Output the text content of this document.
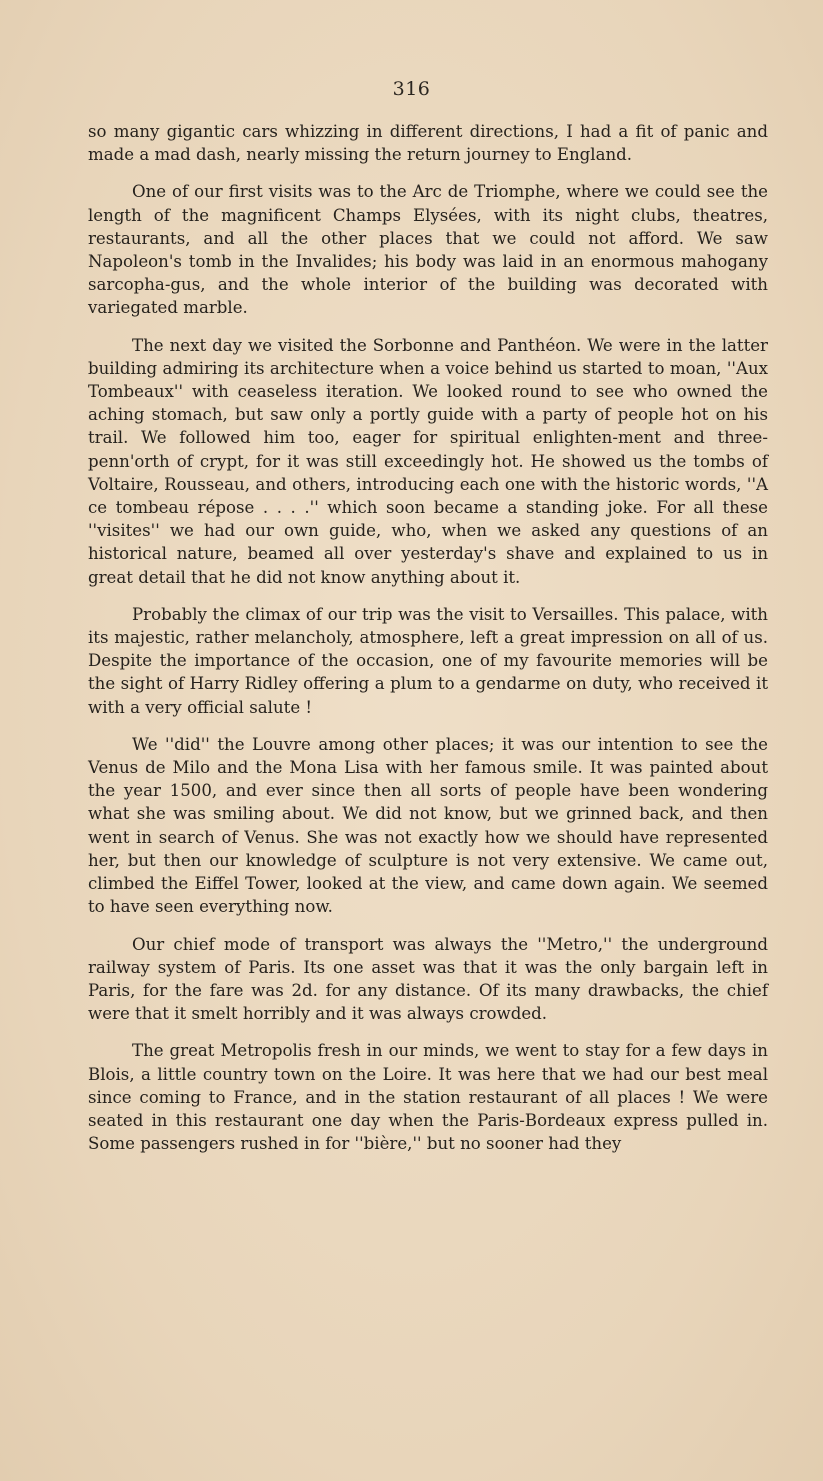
316

so many gigantic cars whizzing in different directions, I had a fit of panic and made a mad dash, nearly missing the return journey to England.

One of our first visits was to the Arc de Triomphe, where we could see the length of the magnificent Champs Elysées, with its night clubs, theatres, restaurants, and all the other places that we could not afford. We saw Napoleon's tomb in the Invalides; his body was laid in an enormous mahogany sarcopha-gus, and the whole interior of the building was decorated with variegated marble.

The next day we visited the Sorbonne and Panthéon. We were in the latter building admiring its architecture when a voice behind us started to moan, ''Aux Tombeaux'' with ceaseless iteration. We looked round to see who owned the aching stomach, but saw only a portly guide with a party of people hot on his trail. We followed him too, eager for spiritual enlighten-ment and three-penn'orth of crypt, for it was still exceedingly hot. He showed us the tombs of Voltaire, Rousseau, and others, introducing each one with the historic words, ''A ce tombeau répose . . . .'' which soon became a standing joke. For all these ''visites'' we had our own guide, who, when we asked any questions of an historical nature, beamed all over yesterday's shave and explained to us in great detail that he did not know anything about it.

Probably the climax of our trip was the visit to Versailles. This palace, with its majestic, rather melancholy, atmosphere, left a great impression on all of us. Despite the importance of the occasion, one of my favourite memories will be the sight of Harry Ridley offering a plum to a gendarme on duty, who received it with a very official salute !

We ''did'' the Louvre among other places; it was our intention to see the Venus de Milo and the Mona Lisa with her famous smile. It was painted about the year 1500, and ever since then all sorts of people have been wondering what she was smiling about. We did not know, but we grinned back, and then went in search of Venus. She was not exactly how we should have represented her, but then our knowledge of sculpture is not very extensive. We came out, climbed the Eiffel Tower, looked at the view, and came down again. We seemed to have seen everything now.

Our chief mode of transport was always the ''Metro,'' the underground railway system of Paris. Its one asset was that it was the only bargain left in Paris, for the fare was 2d. for any distance. Of its many drawbacks, the chief were that it smelt horribly and it was always crowded.

The great Metropolis fresh in our minds, we went to stay for a few days in Blois, a little country town on the Loire. It was here that we had our best meal since coming to France, and in the station restaurant of all places ! We were seated in this restaurant one day when the Paris-Bordeaux express pulled in. Some passengers rushed in for ''bière,'' but no sooner had they
